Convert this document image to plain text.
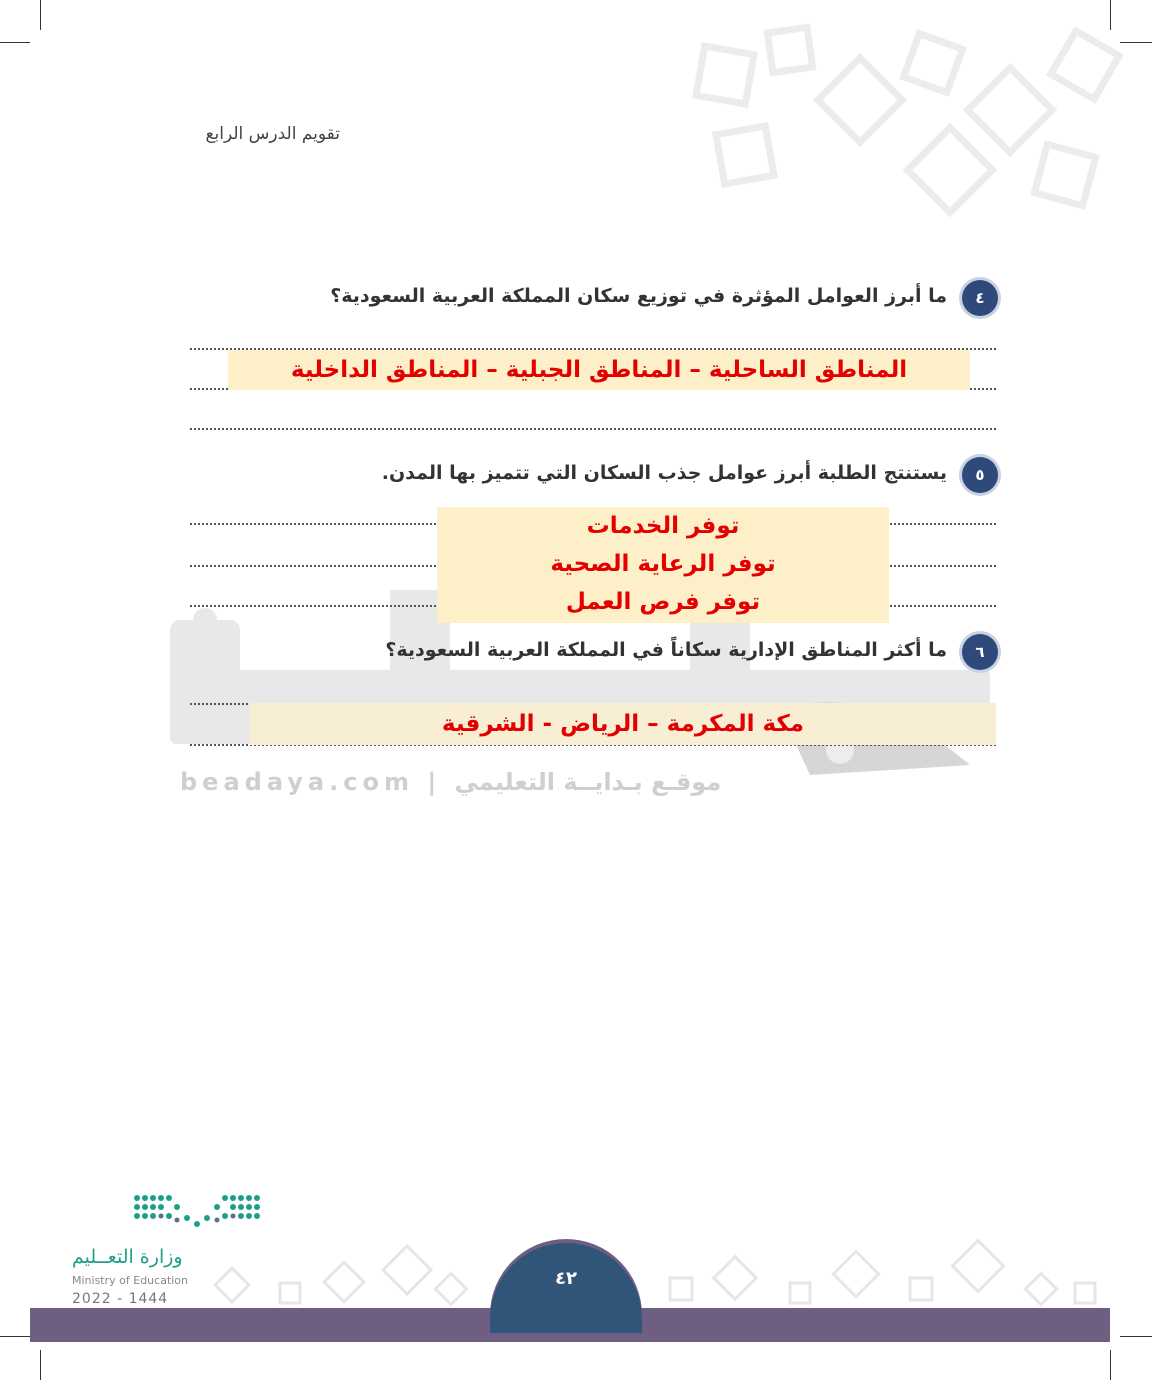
تقويم الدرس الرابع
beadaya.com | موقـع بـدايــة التعليمي
٤
ما أبرز العوامل المؤثرة في توزيع سكان المملكة العربية السعودية؟
المناطق الساحلية – المناطق الجبلية – المناطق الداخلية
٥
يستنتج الطلبة أبرز عوامل جذب السكان التي تتميز بها المدن.
توفر الخدمات
توفر الرعاية الصحية
توفر فرص العمل
٦
ما أكثر المناطق الإدارية سكاناً في المملكة العربية السعودية؟
مكة المكرمة – الرياض - الشرقية
وزارة التعــليم
Ministry of Education
2022 - 1444
٤٢
